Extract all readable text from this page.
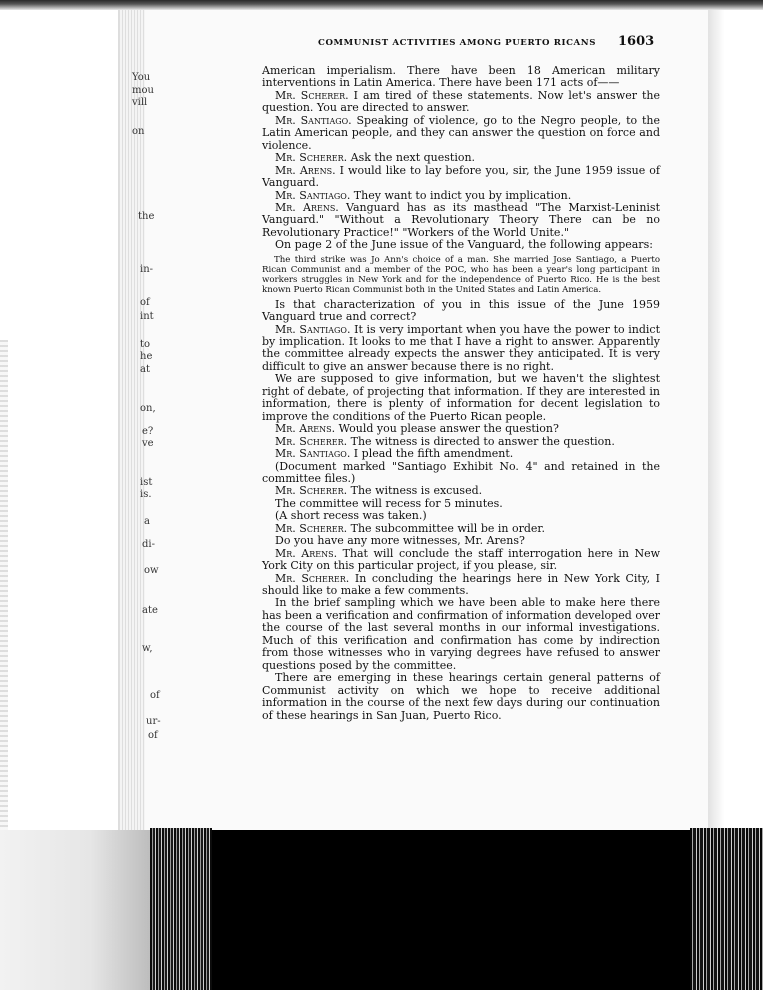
You
mou
vill
on
the
in-
of
int
to
he
at
on,
e?
ve
ist
is.
a
di-
ow
ate
w,
of
ur-
of
COMMUNIST ACTIVITIES AMONG PUERTO RICANS	1603

American imperialism. There have been 18 American military interventions in Latin America. There have been 171 acts of——

Mr. Scherer. I am tired of these statements. Now let's answer the question. You are directed to answer.

Mr. Santiago. Speaking of violence, go to the Negro people, to the Latin American people, and they can answer the question on force and violence.

Mr. Scherer. Ask the next question.

Mr. Arens. I would like to lay before you, sir, the June 1959 issue of Vanguard.

Mr. Santiago. They want to indict you by implication.

Mr. Arens. Vanguard has as its masthead "The Marxist-Leninist Vanguard." "Without a Revolutionary Theory There can be no Revolutionary Practice!" "Workers of the World Unite."

On page 2 of the June issue of the Vanguard, the following appears:

The third strike was Jo Ann's choice of a man. She married Jose Santiago, a Puerto Rican Communist and a member of the POC, who has been a year's long participant in workers struggles in New York and for the independence of Puerto Rico. He is the best known Puerto Rican Communist both in the United States and Latin America.

Is that characterization of you in this issue of the June 1959 Vanguard true and correct?

Mr. Santiago. It is very important when you have the power to indict by implication. It looks to me that I have a right to answer. Apparently the committee already expects the answer they anticipated. It is very difficult to give an answer because there is no right.

We are supposed to give information, but we haven't the slightest right of debate, of projecting that information. If they are interested in information, there is plenty of information for decent legislation to improve the conditions of the Puerto Rican people.

Mr. Arens. Would you please answer the question?

Mr. Scherer. The witness is directed to answer the question.

Mr. Santiago. I plead the fifth amendment.

(Document marked "Santiago Exhibit No. 4" and retained in the committee files.)

Mr. Scherer. The witness is excused.

The committee will recess for 5 minutes.

(A short recess was taken.)

Mr. Scherer. The subcommittee will be in order.

Do you have any more witnesses, Mr. Arens?

Mr. Arens. That will conclude the staff interrogation here in New York City on this particular project, if you please, sir.

Mr. Scherer. In concluding the hearings here in New York City, I should like to make a few comments.

In the brief sampling which we have been able to make here there has been a verification and confirmation of information developed over the course of the last several months in our informal investigations. Much of this verification and confirmation has come by indirection from those witnesses who in varying degrees have refused to answer questions posed by the committee.

There are emerging in these hearings certain general patterns of Communist activity on which we hope to receive additional information in the course of the next few days during our continuation of these hearings in San Juan, Puerto Rico.
